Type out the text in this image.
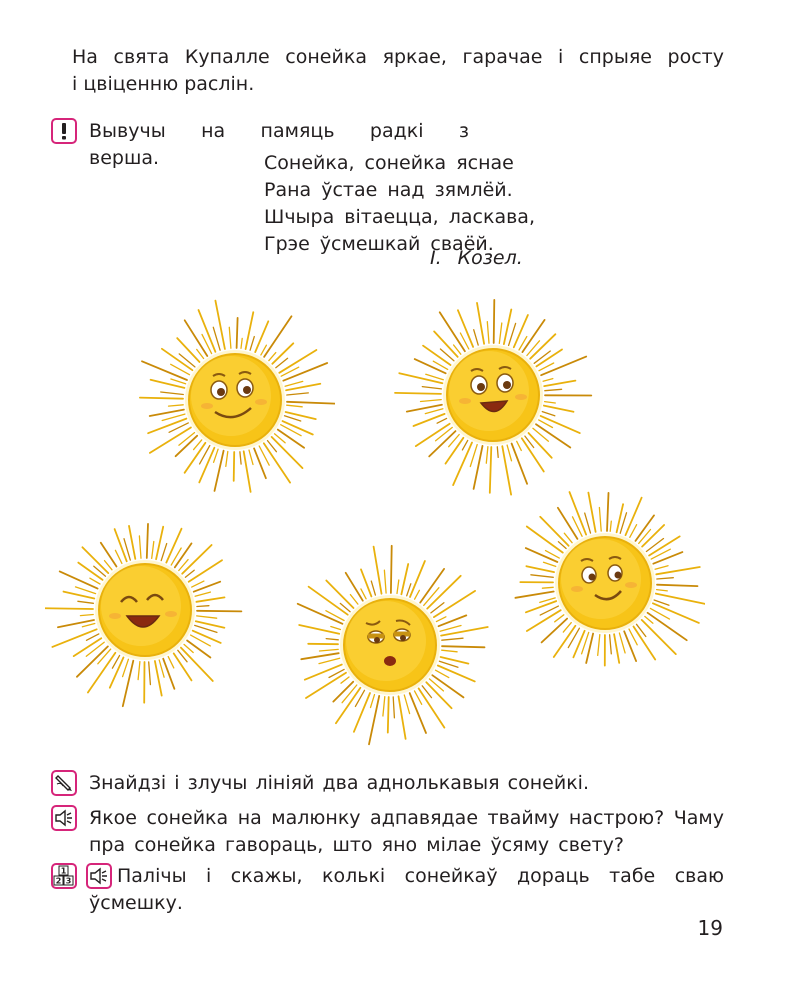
На свята Купалле сонейка яркае, гарачае і спрыяе росту
і цвіценню раслін.
Вывучы на памяць радкі з верша.	Сонейка, сонейка яснае
Рана ўстае над зямлёй.
Шчыра вітаецца, ласкава,
Грэе ўсмешкай сваёй.
І. Козел.
Знайдзі і злучы лініяй два аднолькавыя сонейкі.
Якое сонейка на малюнку адпавядае твайму настрою? Чаму
пра сонейка гавораць, што яно мілае ўсяму свету?
1
2 3 Палічы і скажы, колькі сонейкаў дораць табе сваю
ўсмешку.
19
